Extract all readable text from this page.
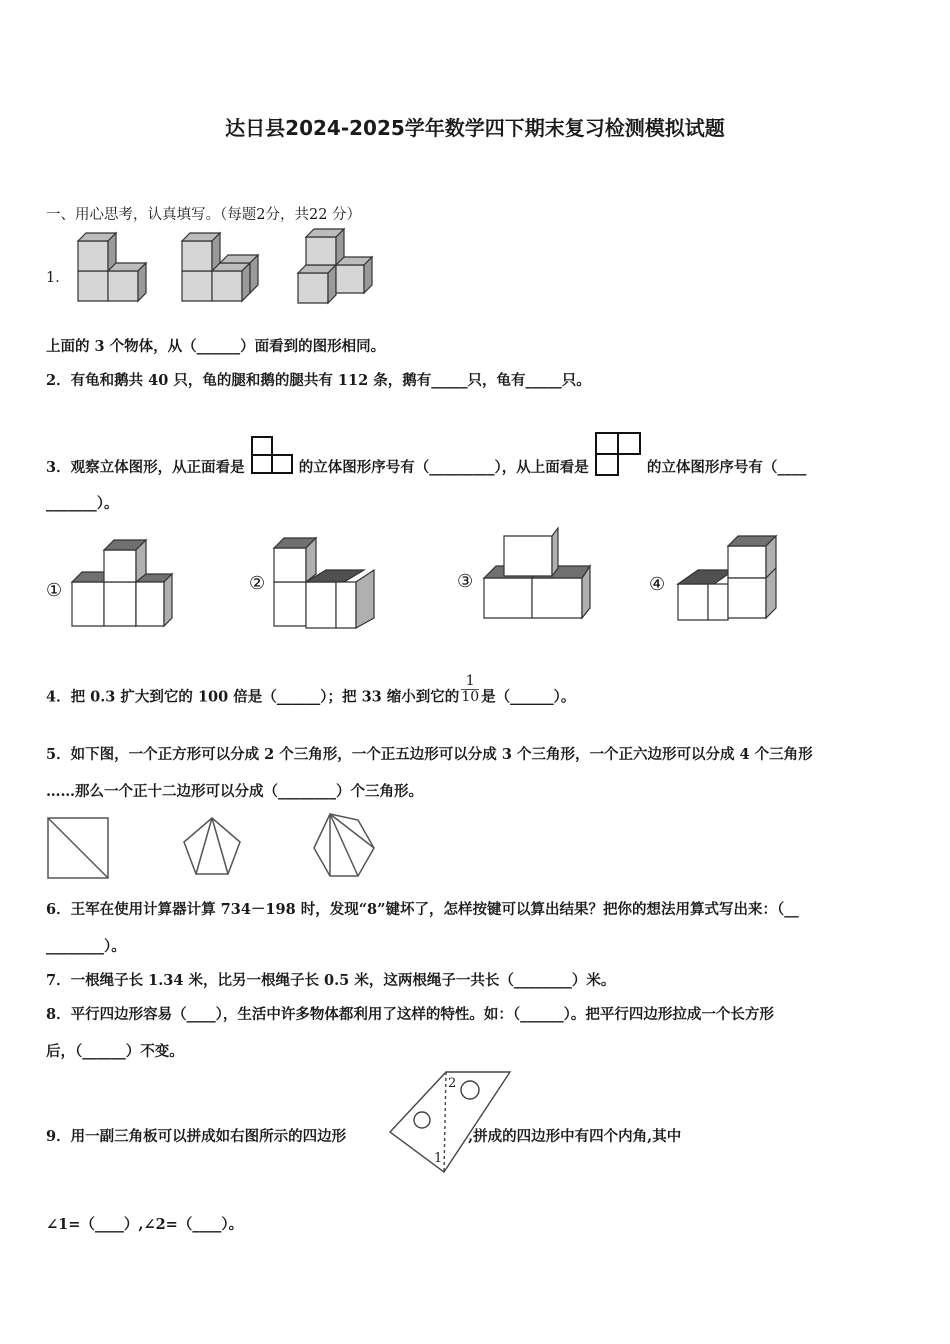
达日县2024-2025学年数学四下期末复习检测模拟试题
一、用心思考，认真填写。（每题2分，共22 分）
1．
上面的 3 个物体，从（______）面看到的图形相同。
2．有龟和鹅共 40 只，龟的腿和鹅的腿共有 112 条，鹅有_____只，龟有_____只。
3．观察立体图形，从正面看是	的立体图形序号有（_________），从上面看是	的立体图形序号有（____
_______）。
①	②	③	④
4．把 0.3 扩大到它的 100 倍是（______）；把 33 缩小到它的 $\frac{1}{10}$ 是（______）。
5．如下图，一个正方形可以分成 2 个三角形，一个正五边形可以分成 3 个三角形，一个正六边形可以分成 4 个三角形
……那么一个正十二边形可以分成（________）个三角形。
6．王军在使用计算器计算 734－198 时，发现“8”键坏了，怎样按键可以算出结果？把你的想法用算式写出来：（__
________）。
7．一根绳子长 1.34 米，比另一根绳子长 0.5 米，这两根绳子一共长（________）米。
8．平行四边形容易（____），生活中许多物体都利用了这样的特性。如：（______）。把平行四边形拉成一个长方形
后，（______）不变。
9．用一副三角板可以拼成如右图所示的四边形	,拼成的四边形中有四个内角,其中
2
1
∠1=（____）,∠2=（____）。
